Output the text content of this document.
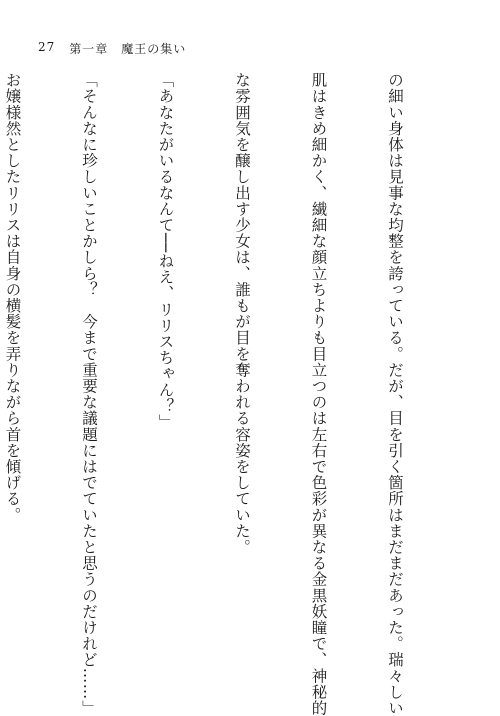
27 第一章　魔王の集い

の細い身体は見事な均整を誇っている。だが、目を引く箇所はまだまだあった。瑞々しい

肌はきめ細かく、繊細な顔立ちよりも目立つのは左右で色彩が異なる金黒妖瞳で、神秘的

な雰囲気を醸し出す少女は、誰もが目を奪われる容姿をしていた。

「あなたがいるなんて──ねえ、リリスちゃん？」

「そんなに珍しいことかしら？　今まで重要な議題にはでていたと思うのだけれど……」

お嬢様然としたリリスは自身の横髪を弄りながら首を傾げる。
